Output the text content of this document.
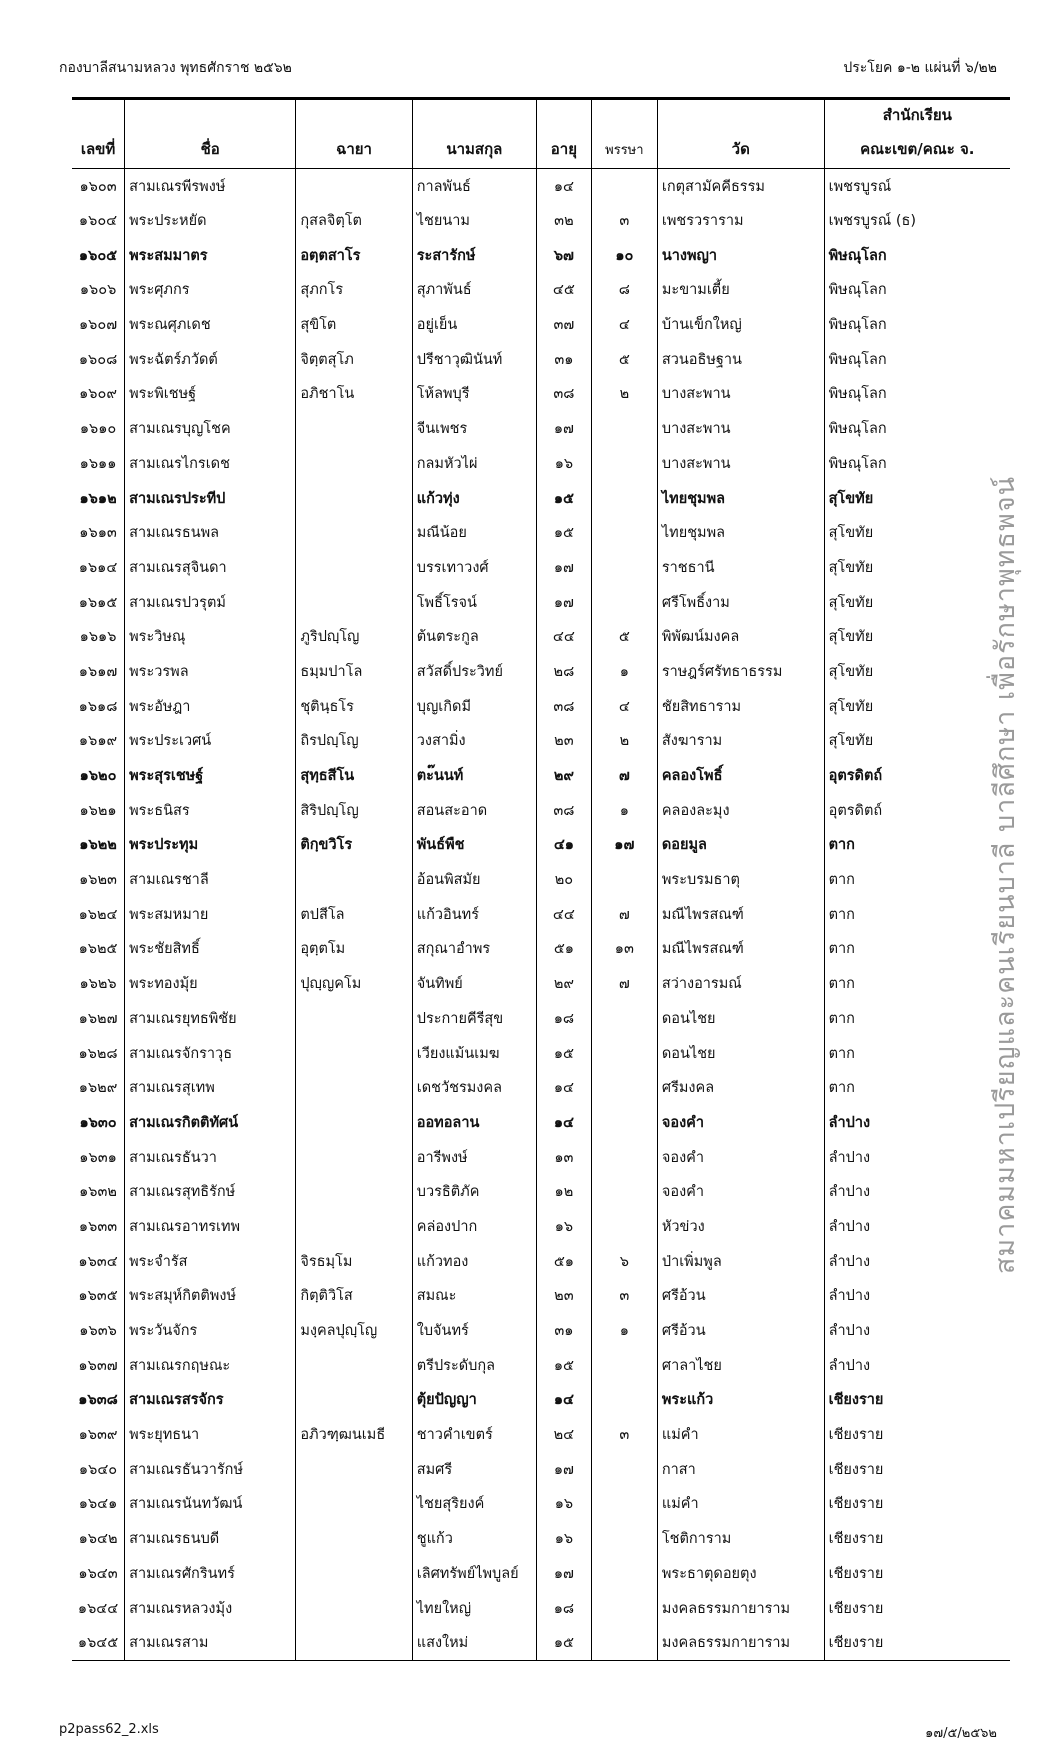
กองบาลีสนามหลวง พุทธศักราช ๒๕๖๒	ประโยค ๑-๒ แผ่นที่ ๖/๒๒
สมาคมมหาเปรียญและคนเรียนบาลี บาลีศึกษา เพื่อรักษาพุทธพจน์
							สำนักเรียน
เลขที่	ชื่อ	ฉายา	นามสกุล	อายุ	พรรษา	วัด	คณะเขต/คณะ จ.
๑๖๐๓	สามเณรพีรพงษ์		กาลพันธ์	๑๔		เกตุสามัคคีธรรม	เพชรบูรณ์
๑๖๐๔	พระประหยัด	กุสลจิตฺโต	ไชยนาม	๓๒	๓	เพชรวราราม	เพชรบูรณ์ (ธ)
๑๖๐๕	พระสมมาตร	อตฺตสาโร	ระสารักษ์	๖๗	๑๐	นางพญา	พิษณุโลก
๑๖๐๖	พระศุภกร	สุภกโร	สุภาพันธ์	๔๕	๘	มะขามเตี้ย	พิษณุโลก
๑๖๐๗	พระณศุภเดช	สุขิโต	อยู่เย็น	๓๗	๔	บ้านเข็กใหญ่	พิษณุโลก
๑๖๐๘	พระฉัตร์ภวัดต์	จิตฺตสุโภ	ปรีชาวุฒินันท์	๓๑	๕	สวนอธิษฐาน	พิษณุโลก
๑๖๐๙	พระพิเชษฐ์	อภิชาโน	โห้ลพบุรี	๓๘	๒	บางสะพาน	พิษณุโลก
๑๖๑๐	สามเณรบุญโชค		จีนเพชร	๑๗		บางสะพาน	พิษณุโลก
๑๖๑๑	สามเณรไกรเดช		กลมหัวไผ่	๑๖		บางสะพาน	พิษณุโลก
๑๖๑๒	สามเณรประทีป		แก้วทุ่ง	๑๕		ไทยชุมพล	สุโขทัย
๑๖๑๓	สามเณรธนพล		มณีน้อย	๑๕		ไทยชุมพล	สุโขทัย
๑๖๑๔	สามเณรสุจินดา		บรรเทาวงศ์	๑๗		ราชธานี	สุโขทัย
๑๖๑๕	สามเณรปวรุตม์		โพธิ์โรจน์	๑๗		ศรีโพธิ์งาม	สุโขทัย
๑๖๑๖	พระวิษณุ	ภูริปญฺโญ	ต้นตระกูล	๔๔	๕	พิพัฒน์มงคล	สุโขทัย
๑๖๑๗	พระวรพล	ธมฺมปาโล	สวัสดิ์ประวิทย์	๒๘	๑	ราษฎร์ศรัทธาธรรม	สุโขทัย
๑๖๑๘	พระอัษฎา	ชุตินฺธโร	บุญเกิดมี	๓๘	๔	ชัยสิทธาราม	สุโขทัย
๑๖๑๙	พระประเวศน์	ถิรปญฺโญ	วงสามิ่ง	๒๓	๒	สังฆาราม	สุโขทัย
๑๖๒๐	พระสุรเชษฐ์	สุทฺธสีโน	ตะ๊นนท์	๒๙	๗	คลองโพธิ์	อุตรดิตถ์
๑๖๒๑	พระธนิสร	สิริปญฺโญ	สอนสะอาด	๓๘	๑	คลองละมุง	อุตรดิตถ์
๑๖๒๒	พระประทุม	ติกฺขวิโร	พันธ์พืช	๔๑	๑๗	ดอยมูล	ตาก
๑๖๒๓	สามเณรชาลี		อ้อนพิสมัย	๒๐		พระบรมธาตุ	ตาก
๑๖๒๔	พระสมหมาย	ตปสีโล	แก้วอินทร์	๔๔	๗	มณีไพรสณฑ์	ตาก
๑๖๒๕	พระชัยสิทธิ์	อุตฺตโม	สกุณาอำพร	๕๑	๑๓	มณีไพรสณฑ์	ตาก
๑๖๒๖	พระทองมุ้ย	ปุญฺญคโม	จันทิพย์	๒๙	๗	สว่างอารมณ์	ตาก
๑๖๒๗	สามเณรยุทธพิชัย		ประกายคีรีสุข	๑๘		ดอนไชย	ตาก
๑๖๒๘	สามเณรจักราวุธ		เวียงแม้นเมฆ	๑๕		ดอนไชย	ตาก
๑๖๒๙	สามเณรสุเทพ		เดชวัชรมงคล	๑๔		ศรีมงคล	ตาก
๑๖๓๐	สามเณรกิตติทัศน์		ออทอลาน	๑๔		จองคำ	ลำปาง
๑๖๓๑	สามเณรธันวา		อารีพงษ์	๑๓		จองคำ	ลำปาง
๑๖๓๒	สามเณรสุทธิรักษ์		บวรธิติภัค	๑๒		จองคำ	ลำปาง
๑๖๓๓	สามเณรอาทรเทพ		คล่องปาก	๑๖		หัวข่วง	ลำปาง
๑๖๓๔	พระจำรัส	จิรธมฺโม	แก้วทอง	๕๑	๖	ป่าเพิ่มพูล	ลำปาง
๑๖๓๕	พระสมุห์กิตติพงษ์	กิตฺติวิโส	สมณะ	๒๓	๓	ศรีอ้วน	ลำปาง
๑๖๓๖	พระวันจักร	มงฺคลปุญฺโญ	ใบจันทร์	๓๑	๑	ศรีอ้วน	ลำปาง
๑๖๓๗	สามเณรกฤษณะ		ตรีประดับกุล	๑๕		ศาลาไชย	ลำปาง
๑๖๓๘	สามเณรสรจักร		ตุ้ยปัญญา	๑๔		พระแก้ว	เชียงราย
๑๖๓๙	พระยุทธนา	อภิวฑฺฒนเมธี	ชาวคำเขตร์	๒๔	๓	แม่คำ	เชียงราย
๑๖๔๐	สามเณรธันวารักษ์		สมศรี	๑๗		กาสา	เชียงราย
๑๖๔๑	สามเณรนันทวัฒน์		ไชยสุริยงค์	๑๖		แม่คำ	เชียงราย
๑๖๔๒	สามเณรธนบดี		ชูแก้ว	๑๖		โชติการาม	เชียงราย
๑๖๔๓	สามเณรศักรินทร์		เลิศทรัพย์ไพบูลย์	๑๗		พระธาตุดอยตุง	เชียงราย
๑๖๔๔	สามเณรหลวงมุ้ง		ไทยใหญ่	๑๘		มงคลธรรมกายาราม	เชียงราย
๑๖๔๕	สามเณรสาม		แสงใหม่	๑๕		มงคลธรรมกายาราม	เชียงราย
p2pass62_2.xls	๑๗/๕/๒๕๖๒
